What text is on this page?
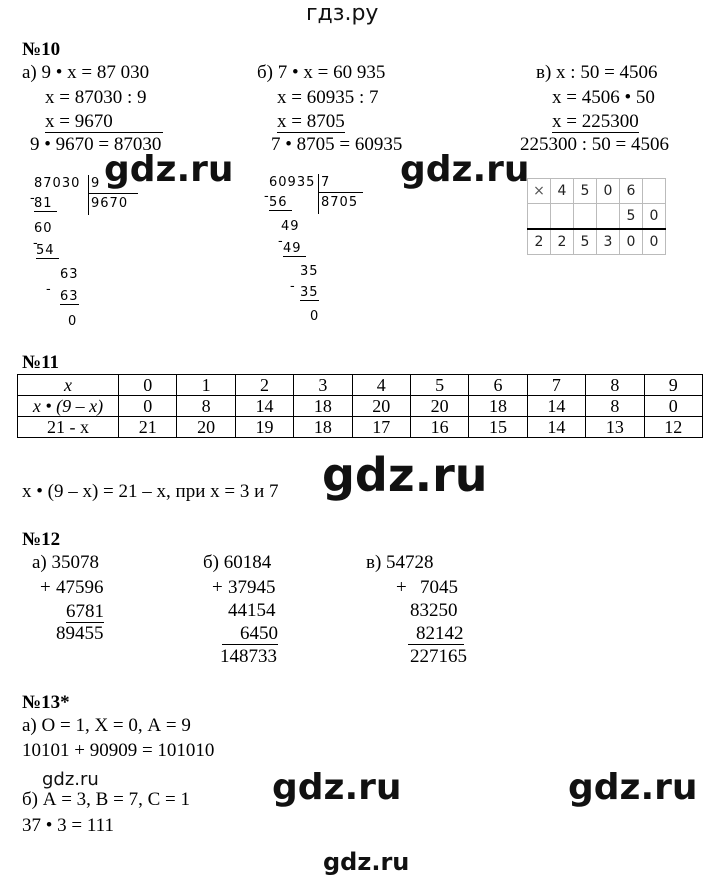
гдз.ру
№10
а) 9 • x = 87 030
x = 87030 : 9
x = 9670
9 • 9670 = 87030
б) 7 • x = 60 935
x = 60935 : 7
x = 8705
7 • 8705 = 60935
в) x : 50 = 4506
x = 4506 • 50
x = 225300
225300 : 50 = 4506
87030 9
9670
-
81
60
-
54
63
- 63
0
60935 7
8705
- 56
49
- 49
35
- 35
0
×	4	5	0	6	
				5	0
2	2	5	3	0	0
gdz.ru	gdz.ru
№11
x	0	1	2	3	4	5	6	7	8	9
x • (9 – x)	0	8	14	18	20	20	18	14	8	0
21 - x	21	20	19	18	17	16	15	14	13	12
x • (9 – x) = 21 – x, при x = 3 и 7 gdz.ru
№12
а) 35078
+ 47596
6781
89455
б) 60184
+ 37945
44154
6450
148733
в) 54728
+ 7045
83250
82142
227165
№13*
а) О = 1, Х = 0, А = 9
10101 + 90909 = 101010
gdz.ru
б) А = 3, В = 7, С = 1
37 • 3 = 111
gdz.ru	gdz.ru
gdz.ru
